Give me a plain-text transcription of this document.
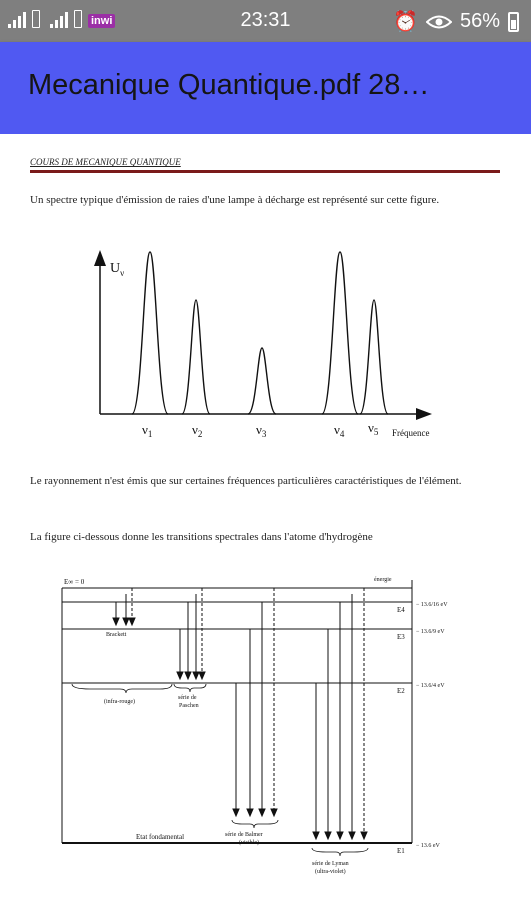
inwi	23:31	⏰ 56%
Mecanique Quantique.pdf 28…
COURS DE MECANIQUE QUANTIQUE
Un spectre typique d'émission de raies d'une lampe à décharge est représenté sur cette figure.
$U_\nu$
$\nu_1$	$\nu_2$	$\nu_3$	$\nu_4$ $\nu_5$ Fréquence
Le rayonnement n'est émis que sur certaines fréquences particulières caractéristiques de l'élément.
La figure ci-dessous donne les transitions spectrales dans l'atome d'hydrogène
E∞ = 0	énergie
E4
E3
E2
E1
− 13.6/16 eV
− 13.6/9 eV
− 13.6/4 eV
− 13.6 eV
Brackett
série de
Paschen
(infra-rouge)
série de Balmer
(visible)
série de Lyman
(ultra-violet)
Etat fondamental
